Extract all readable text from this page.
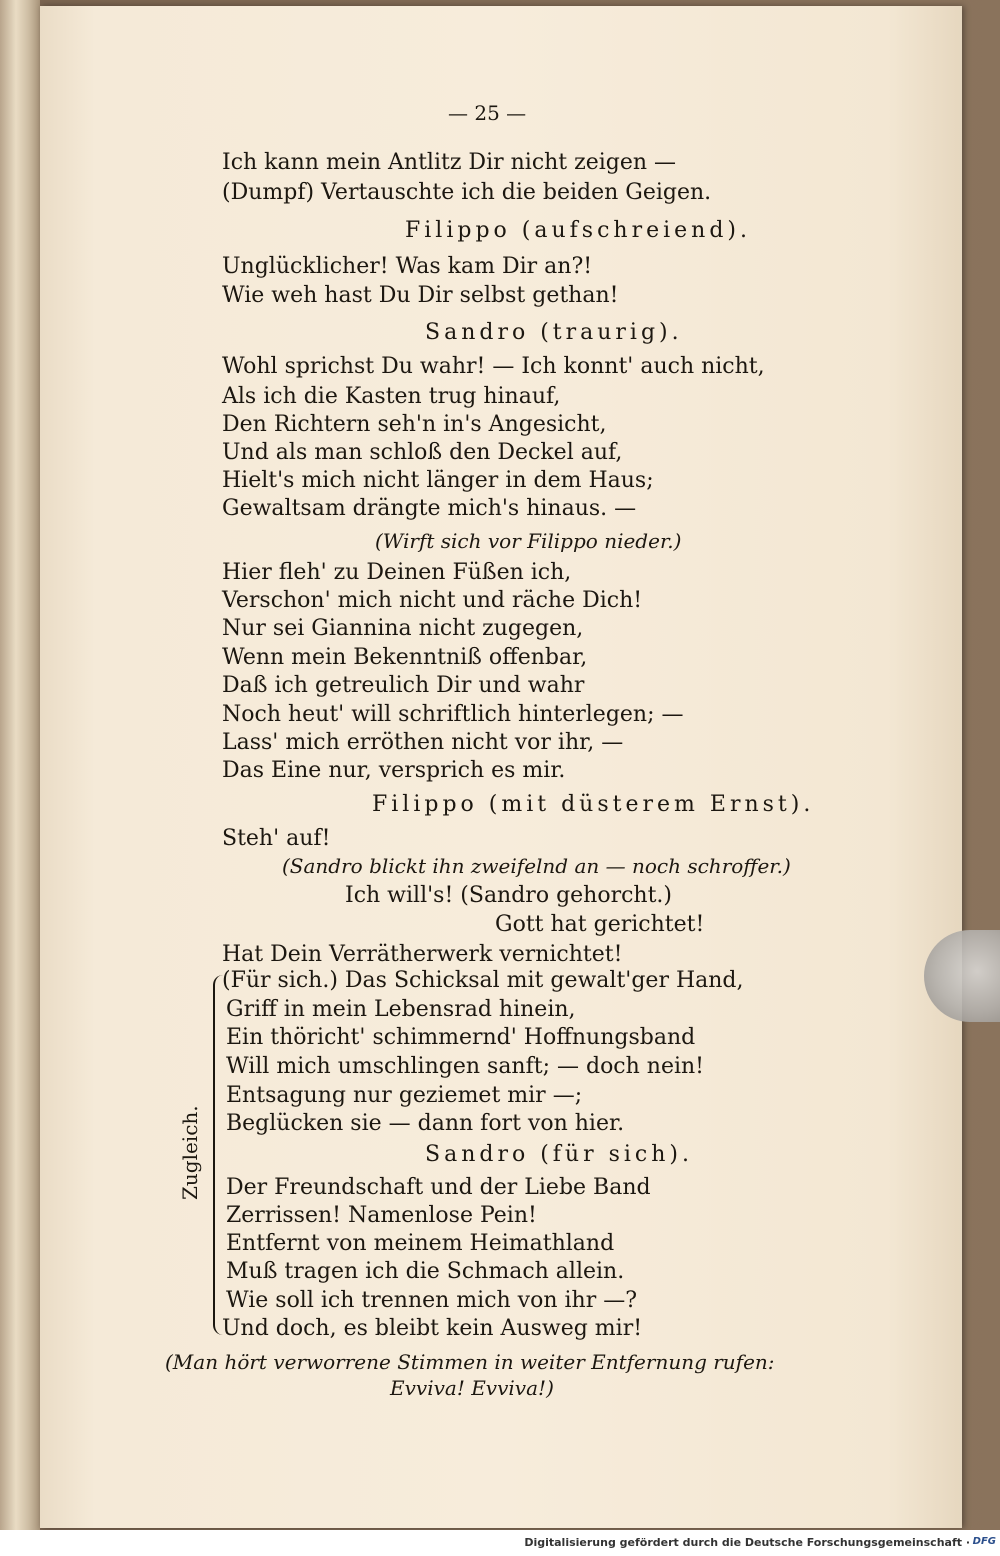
— 25 —
Ich kann mein Antlitz Dir nicht zeigen —
(Dumpf) Vertauschte ich die beiden Geigen.
Filippo (aufschreiend).
Unglücklicher! Was kam Dir an?!
Wie weh hast Du Dir selbst gethan!
Sandro (traurig).
Wohl sprichst Du wahr! — Ich konnt' auch nicht,
Als ich die Kasten trug hinauf,
Den Richtern seh'n in's Angesicht,
Und als man schloß den Deckel auf,
Hielt's mich nicht länger in dem Haus;
Gewaltsam drängte mich's hinaus. —
(Wirft sich vor Filippo nieder.)
Hier fleh' zu Deinen Füßen ich,
Verschon' mich nicht und räche Dich!
Nur sei Giannina nicht zugegen,
Wenn mein Bekenntniß offenbar,
Daß ich getreulich Dir und wahr
Noch heut' will schriftlich hinterlegen; —
Lass' mich erröthen nicht vor ihr, —
Das Eine nur, versprich es mir.
Filippo (mit düsterem Ernst).
Steh' auf!
(Sandro blickt ihn zweifelnd an — noch schroffer.)
Ich will's! (Sandro gehorcht.)
Gott hat gerichtet!
Hat Dein Verrätherwerk vernichtet!
(Für sich.) Das Schicksal mit gewalt'ger Hand,
Griff in mein Lebensrad hinein,
Ein thöricht' schimmernd' Hoffnungsband
Will mich umschlingen sanft; — doch nein!
Entsagung nur geziemet mir —;
Beglücken sie — dann fort von hier.
Sandro (für sich).
Der Freundschaft und der Liebe Band
Zerrissen! Namenlose Pein!
Entfernt von meinem Heimathland
Muß tragen ich die Schmach allein.
Wie soll ich trennen mich von ihr —?
Und doch, es bleibt kein Ausweg mir!
(Man hört verworrene Stimmen in weiter Entfernung rufen:
Evviva! Evviva!)
Zugleich.
Digitalisierung gefördert durch die Deutsche Forschungsgemeinschaft · DFG
